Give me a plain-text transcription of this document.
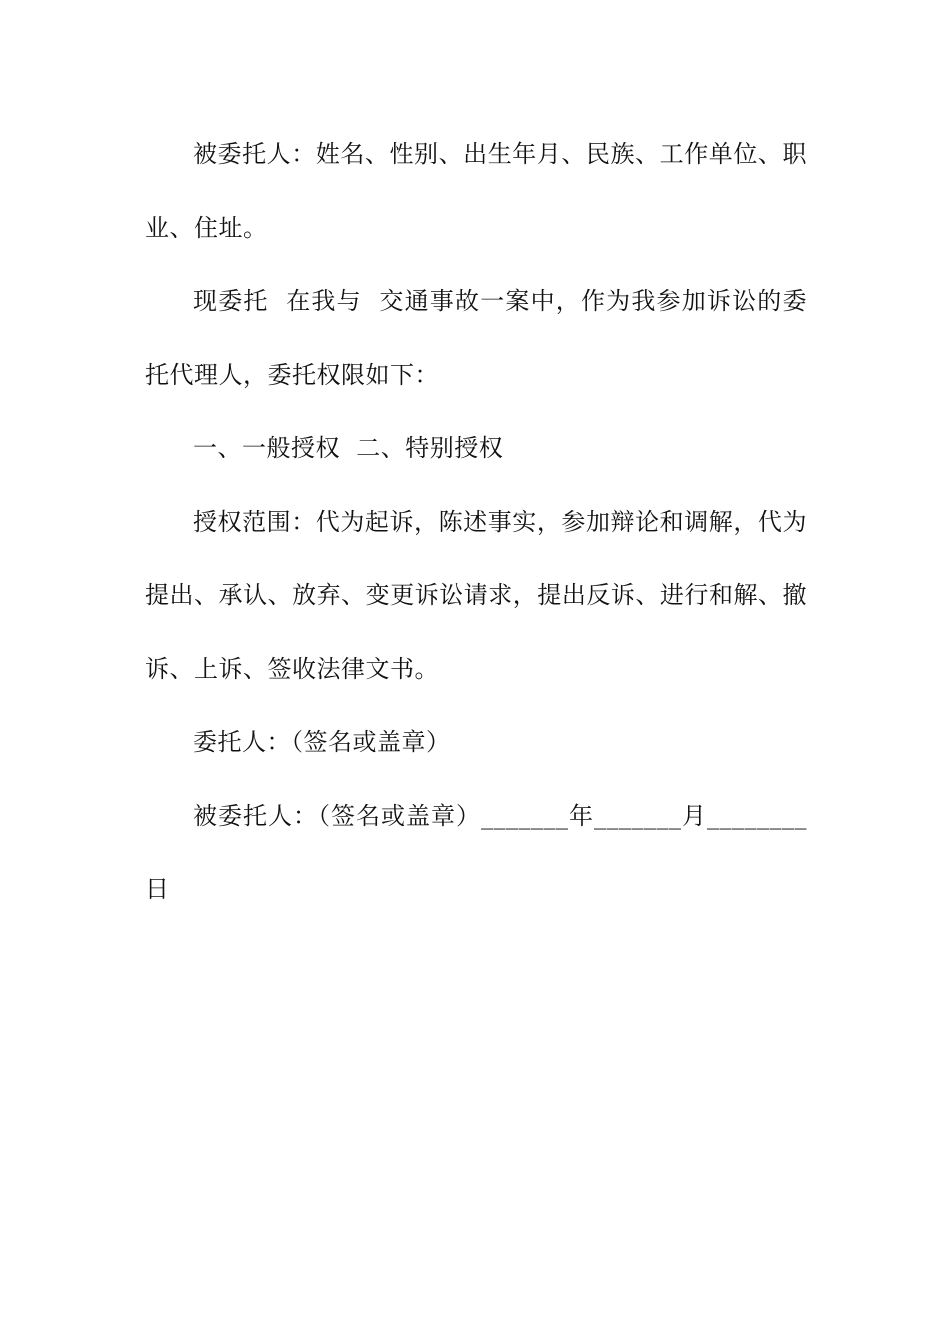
被委托人：姓名、性别、出生年月、民族、工作单位、职业、住址。

现委托  在我与  交通事故一案中，作为我参加诉讼的委托代理人，委托权限如下：

一、一般授权  二、特别授权

授权范围：代为起诉，陈述事实，参加辩论和调解，代为提出、承认、放弃、变更诉讼请求，提出反诉、进行和解、撤诉、上诉、签收法律文书。

委托人：（签名或盖章）

被委托人：（签名或盖章）_______年_______月________日
